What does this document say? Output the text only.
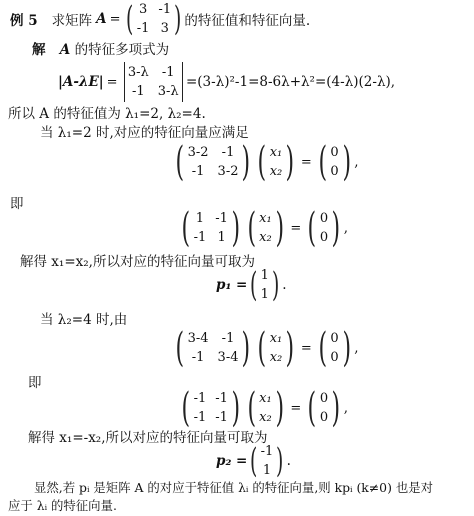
例 5 求矩阵 A = ( 3 -1
-1 3 ) 的特征值和特征向量.
解 A 的特征多项式为
|A-λE| =
3-λ	-1
-1	3-λ
=(3-λ)²-1=8-6λ+λ²=(4-λ)(2-λ),
所以 A 的特征值为 λ₁=2, λ₂=4.
当 λ₁=2 时,对应的特征向量应满足
( 3-2	-1
-1	3-2 ) ( x₁
x₂ ) = ( 0
0 ) ,
即
( 1 -1
-1 1 ) ( x₁
x₂ ) = ( 0
0 ) ,
解得 x₁=x₂,所以对应的特征向量可取为
p₁ = ( 1
1 ) .
当 λ₂=4 时,由
( 3-4	-1
-1	3-4 ) ( x₁
x₂ ) = ( 0
0 ) ,
即
( -1 -1
-1 -1 ) ( x₁
x₂ ) = ( 0
0 ) ,
解得 x₁=-x₂,所以对应的特征向量可取为
p₂ = ( -1
1 ) .
显然,若 pᵢ 是矩阵 A 的对应于特征值 λᵢ 的特征向量,则 kpᵢ (k≠0) 也是对
应于 λᵢ 的特征向量.
